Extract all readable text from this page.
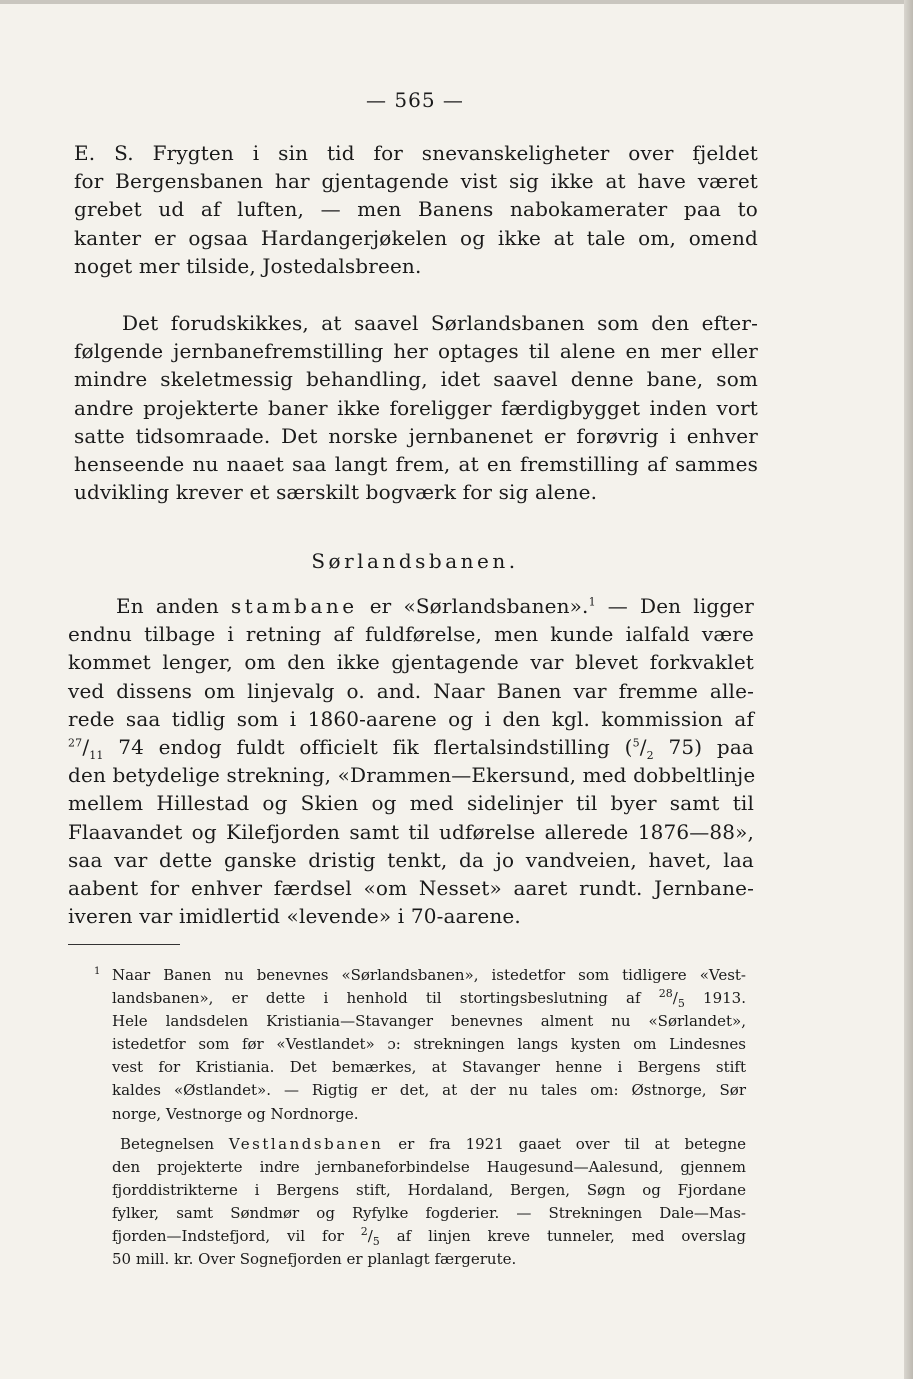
— 565 —
E. S. Frygten i sin tid for snevanskeligheter over fjeldet
for Bergensbanen har gjentagende vist sig ikke at have været
grebet ud af luften, — men Banens nabokamerater paa to
kanter er ogsaa Hardangerjøkelen og ikke at tale om, omend
noget mer tilside, Jostedalsbreen.
Det forudskikkes, at saavel Sørlandsbanen som den efter-
følgende jernbanefremstilling her optages til alene en mer eller
mindre skeletmessig behandling, idet saavel denne bane, som
andre projekterte baner ikke foreligger færdigbygget inden vort
satte tidsomraade. Det norske jernbanenet er forøvrig i enhver
henseende nu naaet saa langt frem, at en fremstilling af sammes
udvikling krever et særskilt bogværk for sig alene.
Sørlandsbanen.
En anden stambane er «Sørlandsbanen».$^1$ — Den ligger
endnu tilbage i retning af fuldførelse, men kunde ialfald være
kommet lenger, om den ikke gjentagende var blevet forkvaklet
ved dissens om linjevalg o. and. Naar Banen var fremme alle-
rede saa tidlig som i 1860-aarene og i den kgl. kommission af
$^{27}/_{11}$ 74 endog fuldt officielt fik flertalsindstilling ($^5/_2$ 75) paa
den betydelige strekning, «Drammen—Ekersund, med dobbeltlinje
mellem Hillestad og Skien og med sidelinjer til byer samt til
Flaavandet og Kilefjorden samt til udførelse allerede 1876—88»,
saa var dette ganske dristig tenkt, da jo vandveien, havet, laa
aabent for enhver færdsel «om Nesset» aaret rundt. Jernbane-
iveren var imidlertid «levende» i 70-aarene.
1 Naar Banen nu benevnes «Sørlandsbanen», istedetfor som tidligere «Vest-
landsbanen», er dette i henhold til stortingsbeslutning af $^{28}/_5$ 1913.
Hele landsdelen Kristiania—Stavanger benevnes alment nu «Sørlandet»,
istedetfor som før «Vestlandet» ɔ: strekningen langs kysten om Lindesnes
vest for Kristiania. Det bemærkes, at Stavanger henne i Bergens stift
kaldes «Østlandet». — Rigtig er det, at der nu tales om: Østnorge, Sør
norge, Vestnorge og Nordnorge.
Betegnelsen Vestlandsbanen er fra 1921 gaaet over til at betegne
den projekterte indre jernbaneforbindelse Haugesund—Aalesund, gjennem
fjorddistrikterne i Bergens stift, Hordaland, Bergen, Søgn og Fjordane
fylker, samt Søndmør og Ryfylke fogderier. — Strekningen Dale—Mas-
fjorden—Indstefjord, vil for $^2/_5$ af linjen kreve tunneler, med overslag
50 mill. kr. Over Sognefjorden er planlagt færgerute.
